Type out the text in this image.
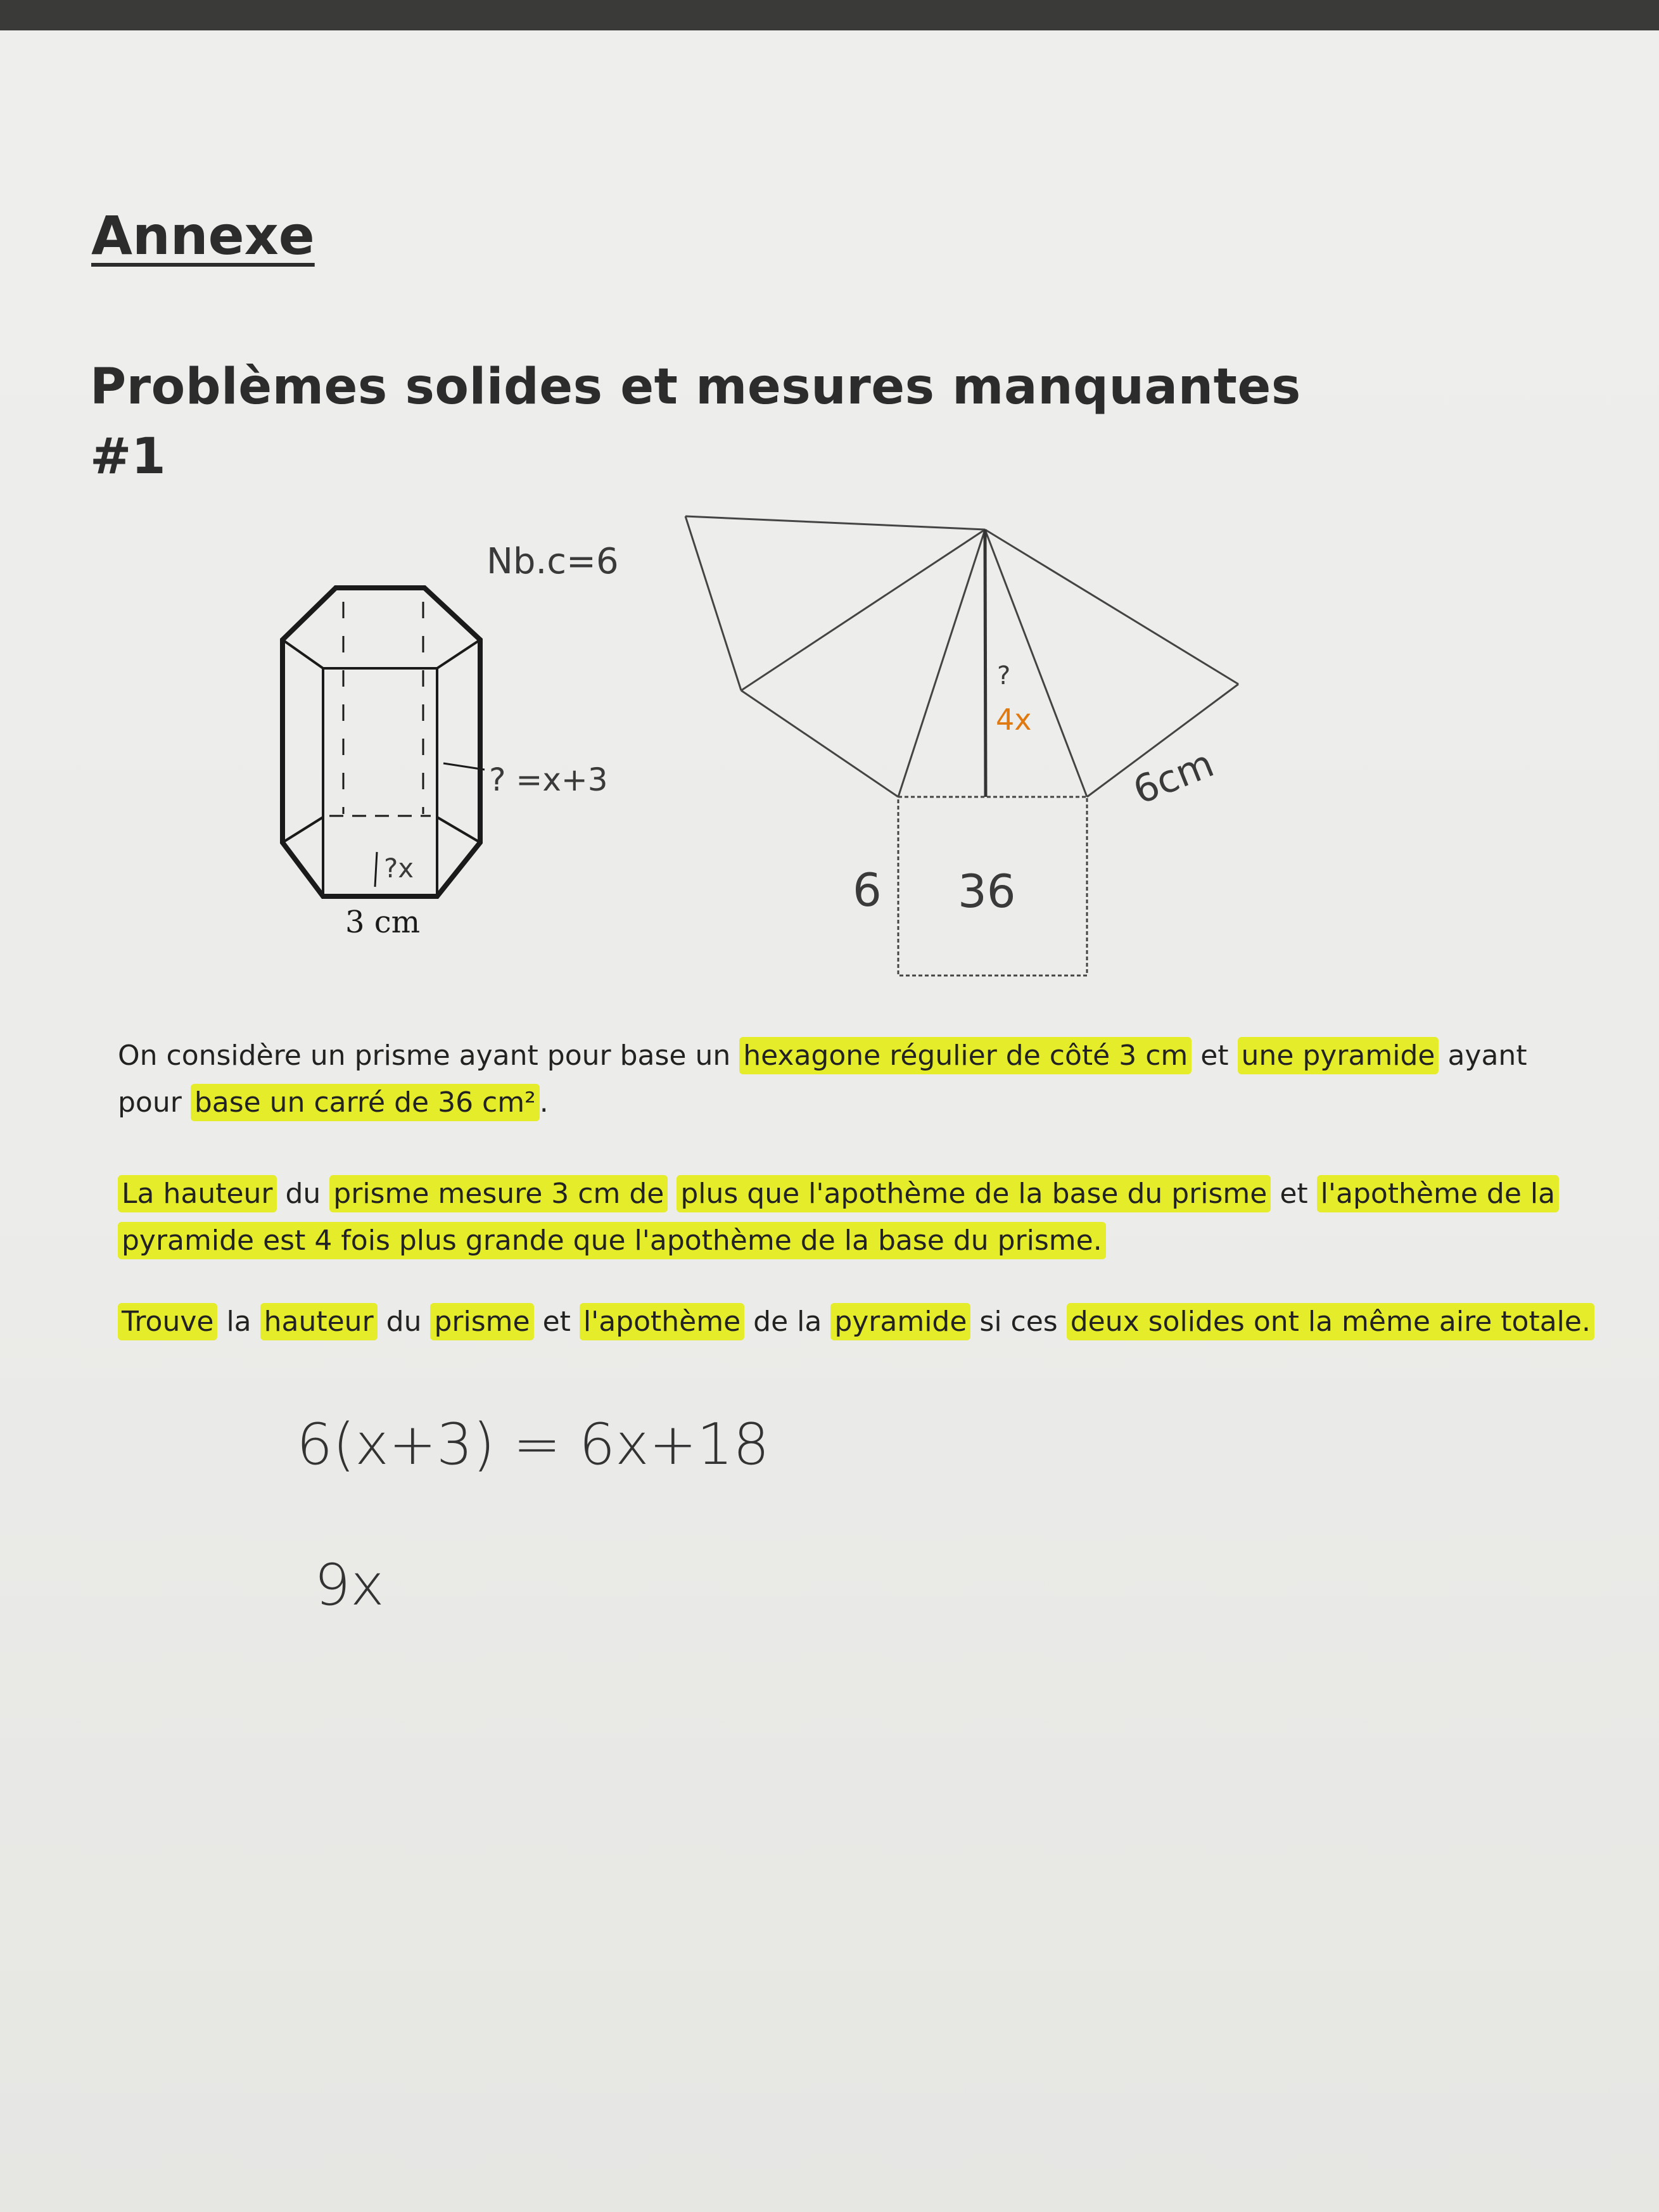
Annexe
Problèmes solides et mesures manquantes
#1
Nb.c=6
? =x+3
?x
3 cm
?
4x
6cm
6 36
On considère un prisme ayant pour base un hexagone régulier de côté 3 cm et une pyramide ayant
pour base un carré de 36 cm² .
La hauteur du prisme mesure 3 cm de plus que l'apothème de la base du prisme et l'apothème de la
pyramide est 4 fois plus grande que l'apothème de la base du prisme.
Trouve la hauteur du prisme et l'apothème de la pyramide si ces deux solides ont la même aire totale.
6(x+3) = 6x+18
9x
